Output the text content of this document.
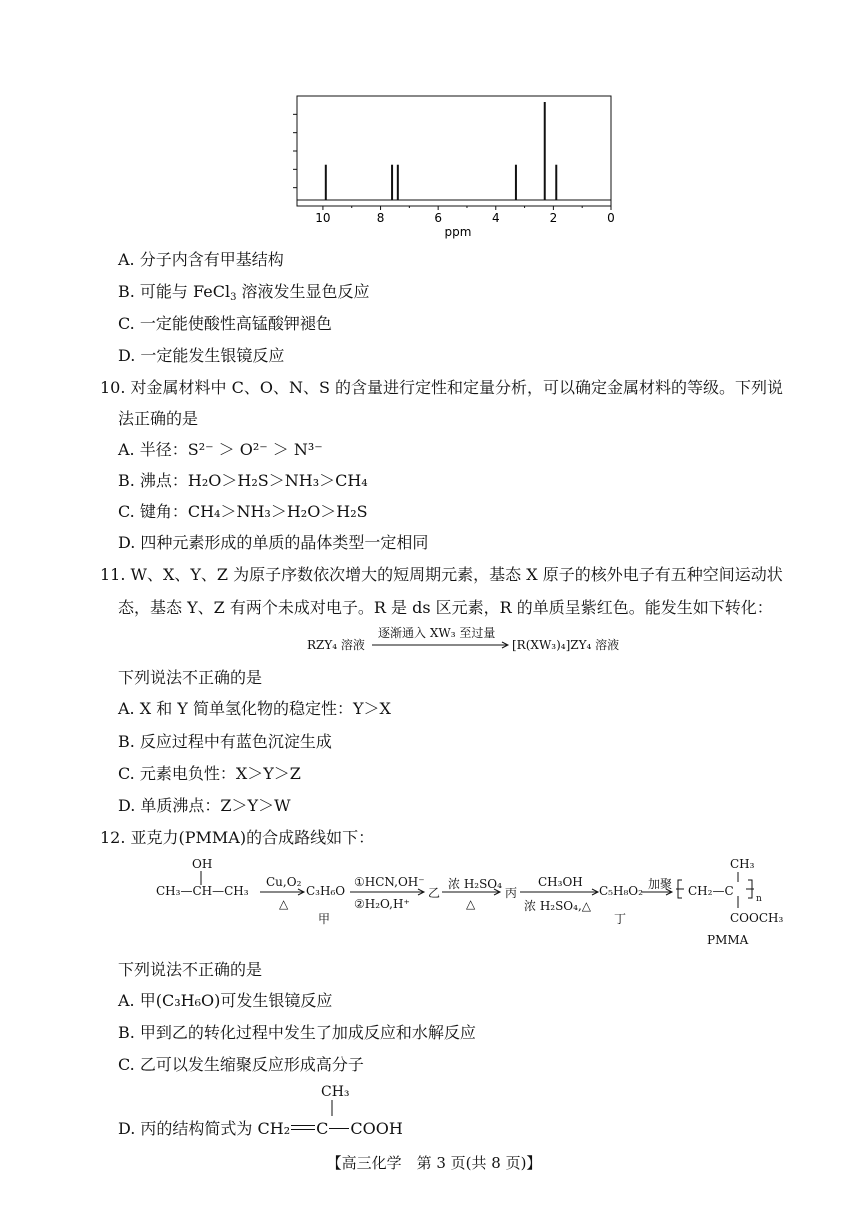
10	8	6	4	2	0
ppm
A. 分子内含有甲基结构
B. 可能与 FeCl$_3$ 溶液发生显色反应
C. 一定能使酸性高锰酸钾褪色
D. 一定能发生银镜反应
10. 对金属材料中 C、O、N、S 的含量进行定性和定量分析，可以确定金属材料的等级。下列说
法正确的是
A. 半径：S²⁻ ＞ O²⁻ ＞ N³⁻
B. 沸点：H₂O＞H₂S＞NH₃＞CH₄
C. 键角：CH₄＞NH₃＞H₂O＞H₂S
D. 四种元素形成的单质的晶体类型一定相同
11. W、X、Y、Z 为原子序数依次增大的短周期元素，基态 X 原子的核外电子有五种空间运动状
态，基态 Y、Z 有两个未成对电子。R 是 ds 区元素，R 的单质呈紫红色。能发生如下转化：
RZY₄ 溶液
逐渐通入 XW₃ 至过量
[R(XW₃)₄]ZY₄ 溶液
下列说法不正确的是
A. X 和 Y 简单氢化物的稳定性：Y＞X
B. 反应过程中有蓝色沉淀生成
C. 元素电负性：X＞Y＞Z
D. 单质沸点：Z＞Y＞W
12. 亚克力(PMMA)的合成路线如下：
OH
CH₃—CH—CH₃
Cu,O₂
△
C₃H₆O
甲
①HCN,OH⁻
②H₂O,H⁺
乙
浓 H₂SO₄
△
丙
CH₃OH
浓 H₂SO₄,△
C₅H₈O₂
丁
加聚
CH₃
CH₂—C
n
COOCH₃
PMMA
下列说法不正确的是
A. 甲(C₃H₆O)可发生银镜反应
B. 甲到乙的转化过程中发生了加成反应和水解反应
C. 乙可以发生缩聚反应形成高分子
CH₃
D. 丙的结构简式为 CH₂ C COOH
【高三化学　第 3 页(共 8 页)】
